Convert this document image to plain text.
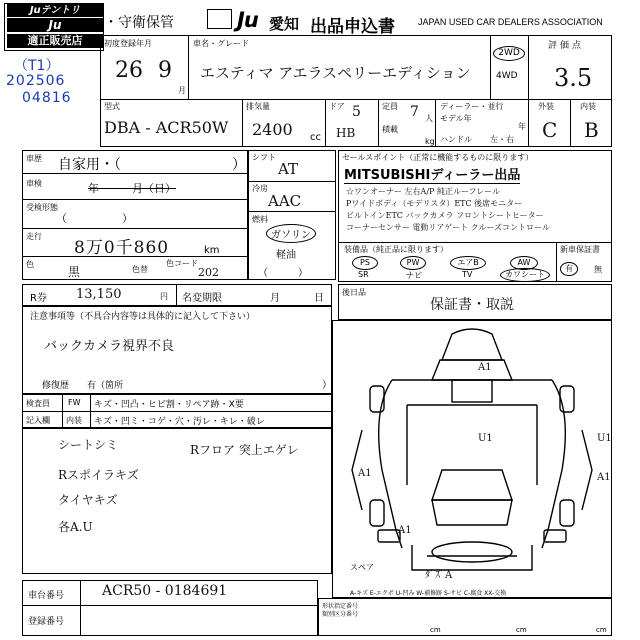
Juテントリ
Ju
適正販売店
（T1）
202506
04816
・守衛保管	Ju 愛知 出品申込書	JAPAN USED CAR DEALERS ASSOCIATION
初度登録年月
26 9
月
車名・グレード
エスティマ アエラスペリーエディション
2WD
4WD
評価点
3.5
型式
DBA - ACR50W
排気量
2400 cc
ドア 5
HB
定員 7 人
積載
kg
ディーラー・並行
モデル年
年
ハンドル 左・右
外装	内装
C B
車歴 自家用・（	）
車検	年　　　月（日）
受検形態
（　　　　　）
走行
8万0千860	km
色
黒	色替
色コード
202
シフト
AT
冷房
AAC
燃料
ガソリン
軽油
（　　　）
セールスポイント（正常に機能するものに限ります）
MITSUBISHIディーラー出品
☆ワンオーナー 左右A/P 純正ルーフレール
Pワイドボディ（モデリスタ）ETC 後席モニター
ビルトインETC バックカメラ フロントシートヒーター
コーナーセンサー 電動リアゲート クルーズコントロール
装備品（純正品に限ります）
PS	PW	エアB	AW
SR	ナビ	TV	カワシート
新車保証書
有	無
R券 13,150	円 名変期限	月	日
後日品
保証書・取説
注意事項等（不具合内容等は具体的に記入して下さい）
バックカメラ視界不良
修復歴　　有（箇所	）
検査員
記入欄
FW キズ・凹凸・ヒビ割・リペア跡・X要
内装 キズ・凹ミ・コゲ・穴・汚レ・キレ・破レ
シートシミ
Rスポイラキズ
タイヤキズ
各A.U
Rフロア 突上エゲレ
A1
U1	U1
A1	A1
A1
スペア
ﾀﾞｽﾞA
A-キズ E-エクボ U-凹み W-補修跡 S-サビ C-腐食 XX-交換
車台番号	ACR50 - 0184691
登録番号
形状指定番号
類別区分番号
cm	cm	cm
